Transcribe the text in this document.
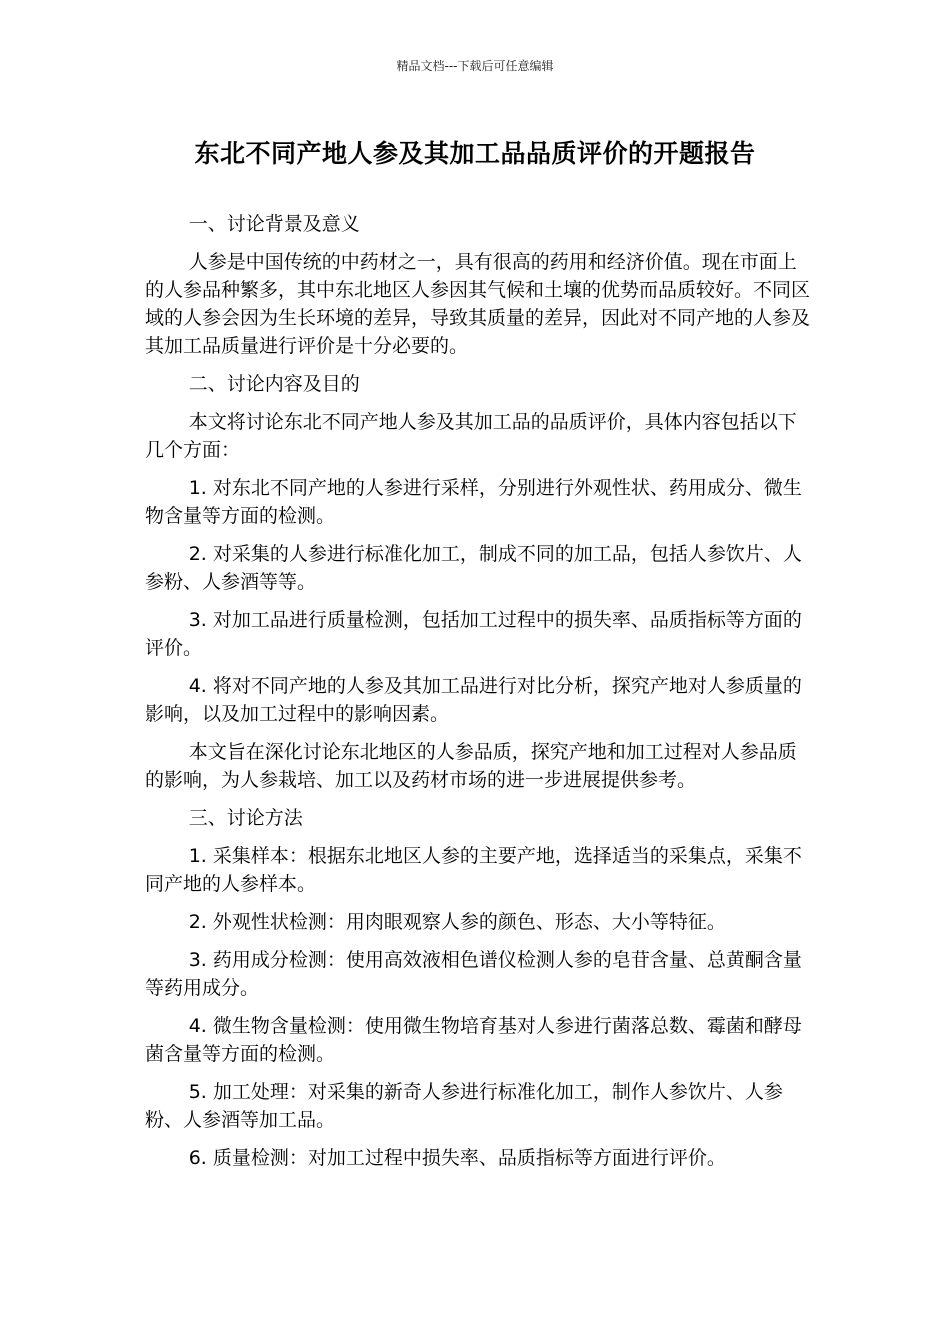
精品文档---下载后可任意编辑
东北不同产地人参及其加工品品质评价的开题报告

一、讨论背景及意义

人参是中国传统的中药材之一，具有很高的药用和经济价值。现在市面上的人参品种繁多，其中东北地区人参因其气候和土壤的优势而品质较好。不同区域的人参会因为生长环境的差异，导致其质量的差异，因此对不同产地的人参及其加工品质量进行评价是十分必要的。

二、讨论内容及目的

本文将讨论东北不同产地人参及其加工品的品质评价，具体内容包括以下几个方面：

1. 对东北不同产地的人参进行采样，分别进行外观性状、药用成分、微生物含量等方面的检测。

2. 对采集的人参进行标准化加工，制成不同的加工品，包括人参饮片、人参粉、人参酒等等。

3. 对加工品进行质量检测，包括加工过程中的损失率、品质指标等方面的评价。

4. 将对不同产地的人参及其加工品进行对比分析，探究产地对人参质量的影响，以及加工过程中的影响因素。

本文旨在深化讨论东北地区的人参品质，探究产地和加工过程对人参品质的影响，为人参栽培、加工以及药材市场的进一步进展提供参考。

三、讨论方法

1. 采集样本：根据东北地区人参的主要产地，选择适当的采集点，采集不同产地的人参样本。

2. 外观性状检测：用肉眼观察人参的颜色、形态、大小等特征。

3. 药用成分检测：使用高效液相色谱仪检测人参的皂苷含量、总黄酮含量等药用成分。

4. 微生物含量检测：使用微生物培育基对人参进行菌落总数、霉菌和酵母菌含量等方面的检测。

5. 加工处理：对采集的新奇人参进行标准化加工，制作人参饮片、人参粉、人参酒等加工品。

6. 质量检测：对加工过程中损失率、品质指标等方面进行评价。
